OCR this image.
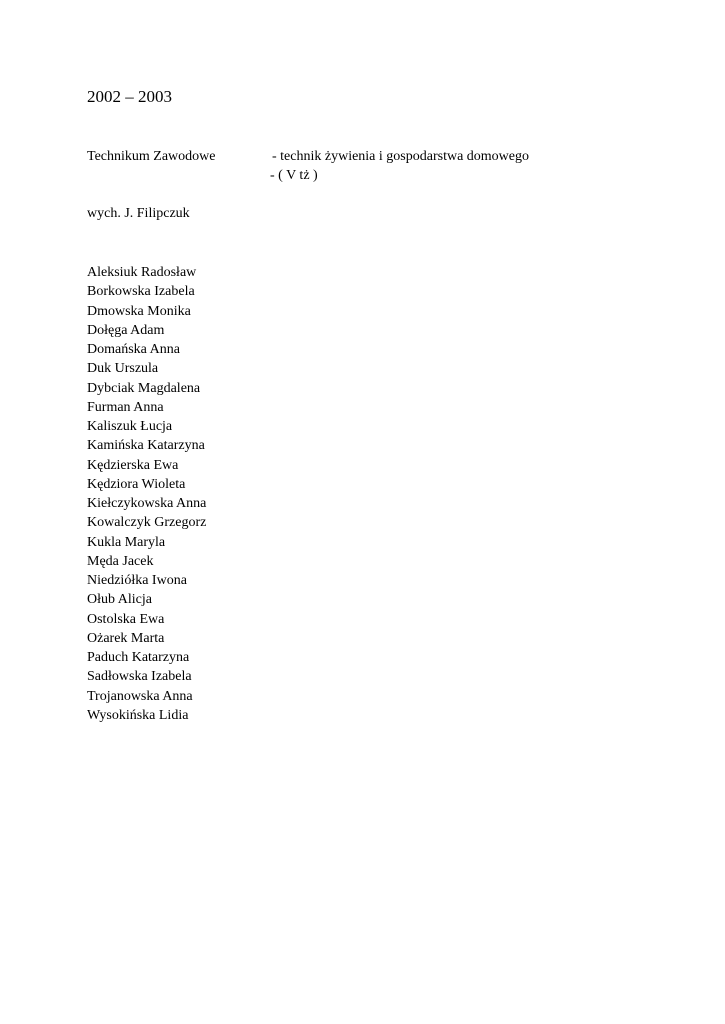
2002 – 2003
Technikum Zawodowe	- technik żywienia i gospodarstwa domowego
- ( V tż )
wych. J. Filipczuk
Aleksiuk Radosław
Borkowska Izabela
Dmowska Monika
Dołęga Adam
Domańska Anna
Duk Urszula
Dybciak Magdalena
Furman Anna
Kaliszuk Łucja
Kamińska Katarzyna
Kędzierska Ewa
Kędziora Wioleta
Kiełczykowska Anna
Kowalczyk Grzegorz
Kukla Maryla
Męda Jacek
Niedziółka Iwona
Ołub Alicja
Ostolska Ewa
Ożarek Marta
Paduch Katarzyna
Sadłowska Izabela
Trojanowska Anna
Wysokińska Lidia
